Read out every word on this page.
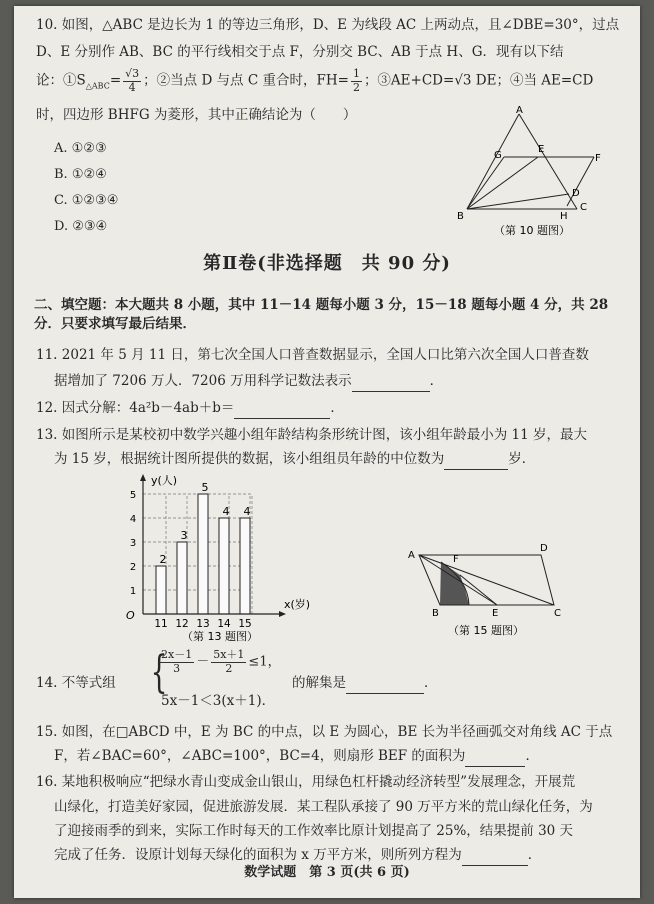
10. 如图，△ABC 是边长为 1 的等边三角形，D、E 为线段 AC 上两动点，且∠DBE=30°，过点
D、E 分别作 AB、BC 的平行线相交于点 F，分别交 BC、AB 于点 H、G．现有以下结
论：$①S_{\triangle ABC}= \frac{√3}{4}$ ；②当点 D 与点 C 重合时，$FH= \frac{1}{2}$ ；③AE+CD=√3 DE；④当 AE=CD
时，四边形 BHFG 为菱形，其中正确结论为（　　）
A. ①②③
B. ①②④
C. ①②③④
D. ②③④
A
B
C
D
E
F
G
H
（第 10 题图）
第Ⅱ卷(非选择题　共 90 分)
二、填空题：本大题共 8 小题，其中 11－14 题每小题 3 分，15－18 题每小题 4 分，共 28 分．只要求填写最后结果．
11. 2021 年 5 月 11 日，第七次全国人口普查数据显示，全国人口比第六次全国人口普查数
据增加了 7206 万人．7206 万用科学记数法表示	．
12. 因式分解：4a²b－4ab＋b＝	．
13. 如图所示是某校初中数学兴趣小组年龄结构条形统计图，该小组年龄最小为 11 岁，最大
为 15 岁，根据统计图所提供的数据，该小组组员年龄的中位数为	岁．
1
2
3
4
5
2
11
3
12
5
13
4
14
4
15
O
y(人)
x(岁)
（第 13 题图）
A
D
F
B	E	C
（第 15 题图）
14. 不等式组 {
$\frac{2x-1}{3} - \frac{5x+1}{2} \le 1$，
5x－1＜3(x＋1)．
的解集是	．
15. 如图，在□ABCD 中，E 为 BC 的中点，以 E 为圆心，BE 长为半径画弧交对角线 AC 于点
F，若∠BAC=60°，∠ABC=100°，BC=4，则扇形 BEF 的面积为	．
16. 某地积极响应“把绿水青山变成金山银山，用绿色杠杆撬动经济转型”发展理念，开展荒
山绿化，打造美好家园，促进旅游发展．某工程队承接了 90 万平方米的荒山绿化任务，为
了迎接雨季的到来，实际工作时每天的工作效率比原计划提高了 25%，结果提前 30 天
完成了任务．设原计划每天绿化的面积为 x 万平方米，则所列方程为	．
数学试题　第 3 页(共 6 页)
